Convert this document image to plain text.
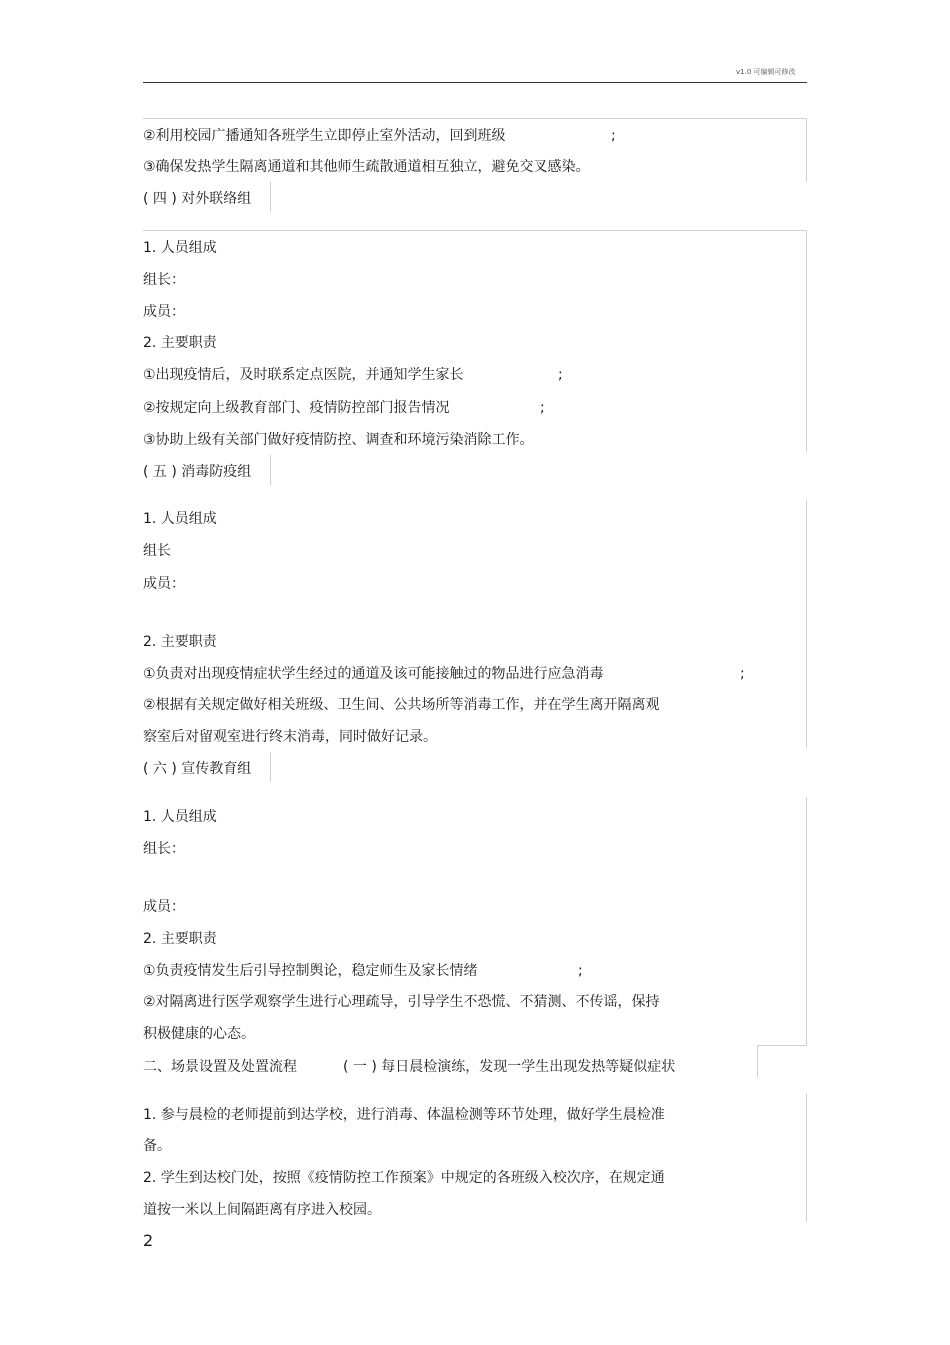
v1.0 可编辑可修改
②利用校园广播通知各班学生立即停止室外活动，回到班级	;
③确保发热学生隔离通道和其他师生疏散通道相互独立，避免交叉感染。
( 四 ) 对外联络组
1. 人员组成
组长：
成员：
2. 主要职责
①出现疫情后，及时联系定点医院，并通知学生家长	;
②按规定向上级教育部门、疫情防控部门报告情况	;
③协助上级有关部门做好疫情防控、调查和环境污染消除工作。
( 五 ) 消毒防疫组
1. 人员组成
组长
成员：
2. 主要职责
①负责对出现疫情症状学生经过的通道及该可能接触过的物品进行应急消毒	;
②根据有关规定做好相关班级、卫生间、公共场所等消毒工作，并在学生离开隔离观
察室后对留观室进行终末消毒，同时做好记录。
( 六 ) 宣传教育组
1. 人员组成
组长：
成员：
2. 主要职责
①负责疫情发生后引导控制舆论，稳定师生及家长情绪	;
②对隔离进行医学观察学生进行心理疏导，引导学生不恐慌、不猜测、不传谣，保持
积极健康的心态。
二、场景设置及处置流程	( 一 ) 每日晨检演练，发现一学生出现发热等疑似症状
1. 参与晨检的老师提前到达学校，进行消毒、体温检测等环节处理，做好学生晨检准
备。
2. 学生到达校门处，按照《疫情防控工作预案》中规定的各班级入校次序，在规定通
道按一米以上间隔距离有序进入校园。
2
